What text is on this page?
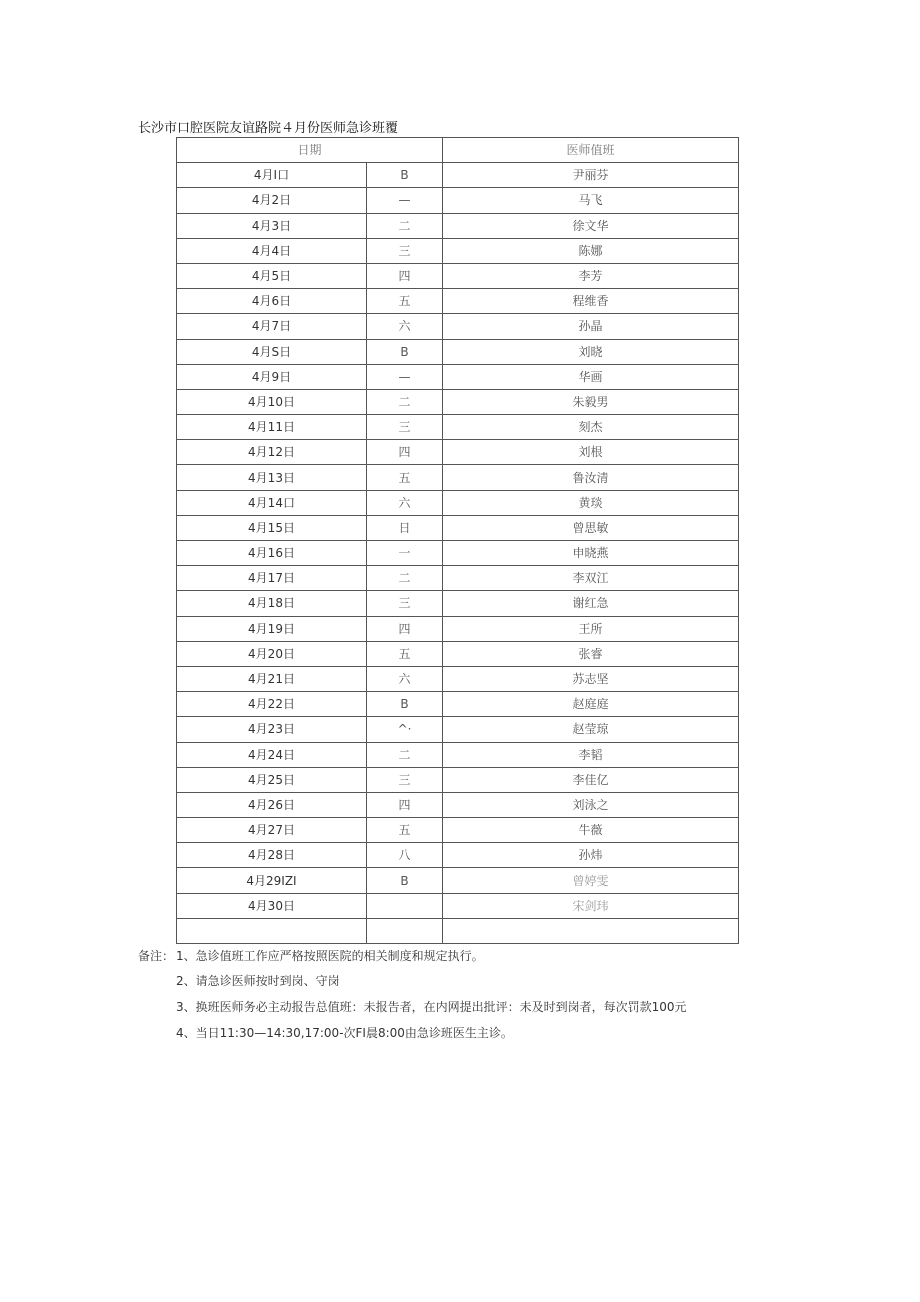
长沙市口腔医院友谊路院４月份医师急诊班覆
日期		医师值班
4月I口	B	尹丽芬
4月2日	—	马飞
4月3日	二	徐文华
4月4日	三	陈娜
4月5日	四	李芳
4月6日	五	程维香
4月7日	六	孙晶
4月S日	B	刘晓
4月9日	—	华画
4月10日	二	朱毅男
4月11日	三	刻杰
4月12日	四	刘根
4月13日	五	鲁汝清
4月14口	六	黄琰
4月15日	日	曾思敏
4月16日	一	申晓燕
4月17日	二	李双江
4月18日	三	谢红急
4月19日	四	王所
4月20日	五	张睿
4月21日	六	苏志坚
4月22日	B	赵庭庭
4月23日	^·	赵莹琼
4月24日	二	李韬
4月25日	三	李佳亿
4月26日	四	刘泳之
4月27日	五	牛薇
4月28日	八	孙炜
4月29IZI	B	曾婷雯
4月30日		宋剑玮

备注： 1、急诊值班工作应严格按照医院的相关制度和规定执行。
2、请急诊医师按时到岗、守岗
3、换班医师务必主动报告总值班：未报告者，在内网提出批评：未及时到岗者，每次罚款100元
4、当日11:30—14:30,17:00-次FI晨8:00由急诊班医生主诊。
